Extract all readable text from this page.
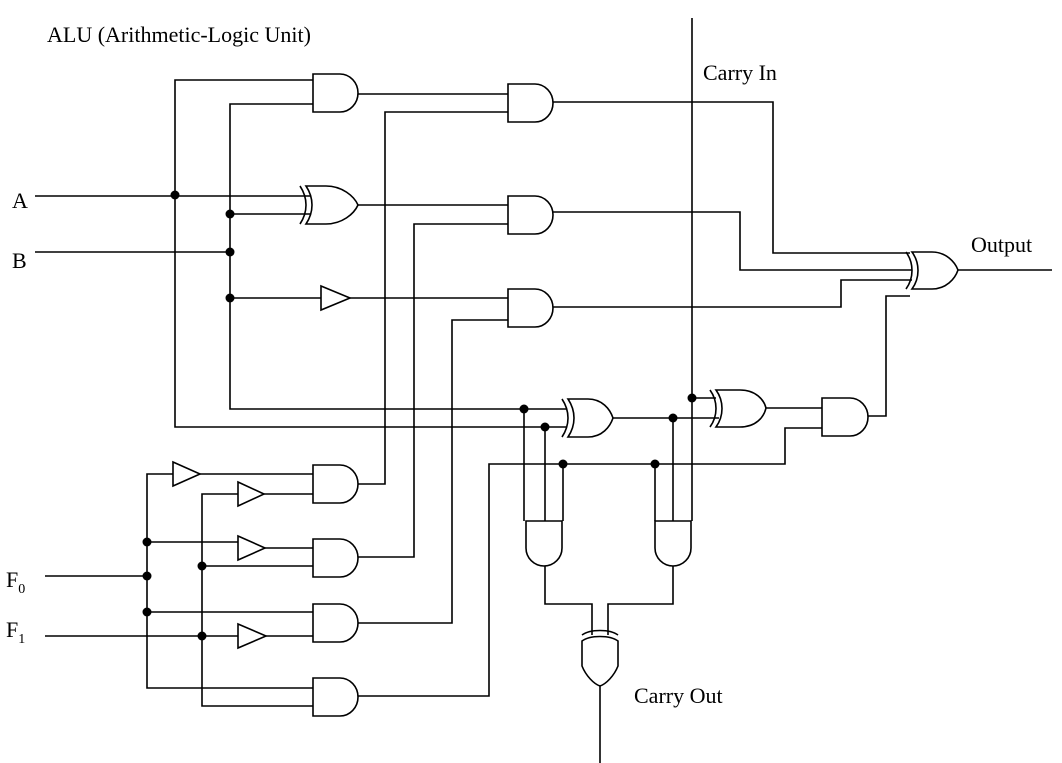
ALU (Arithmetic-Logic Unit)
A
B
$F_0$
$F_1$
Carry In
Output
Carry Out
